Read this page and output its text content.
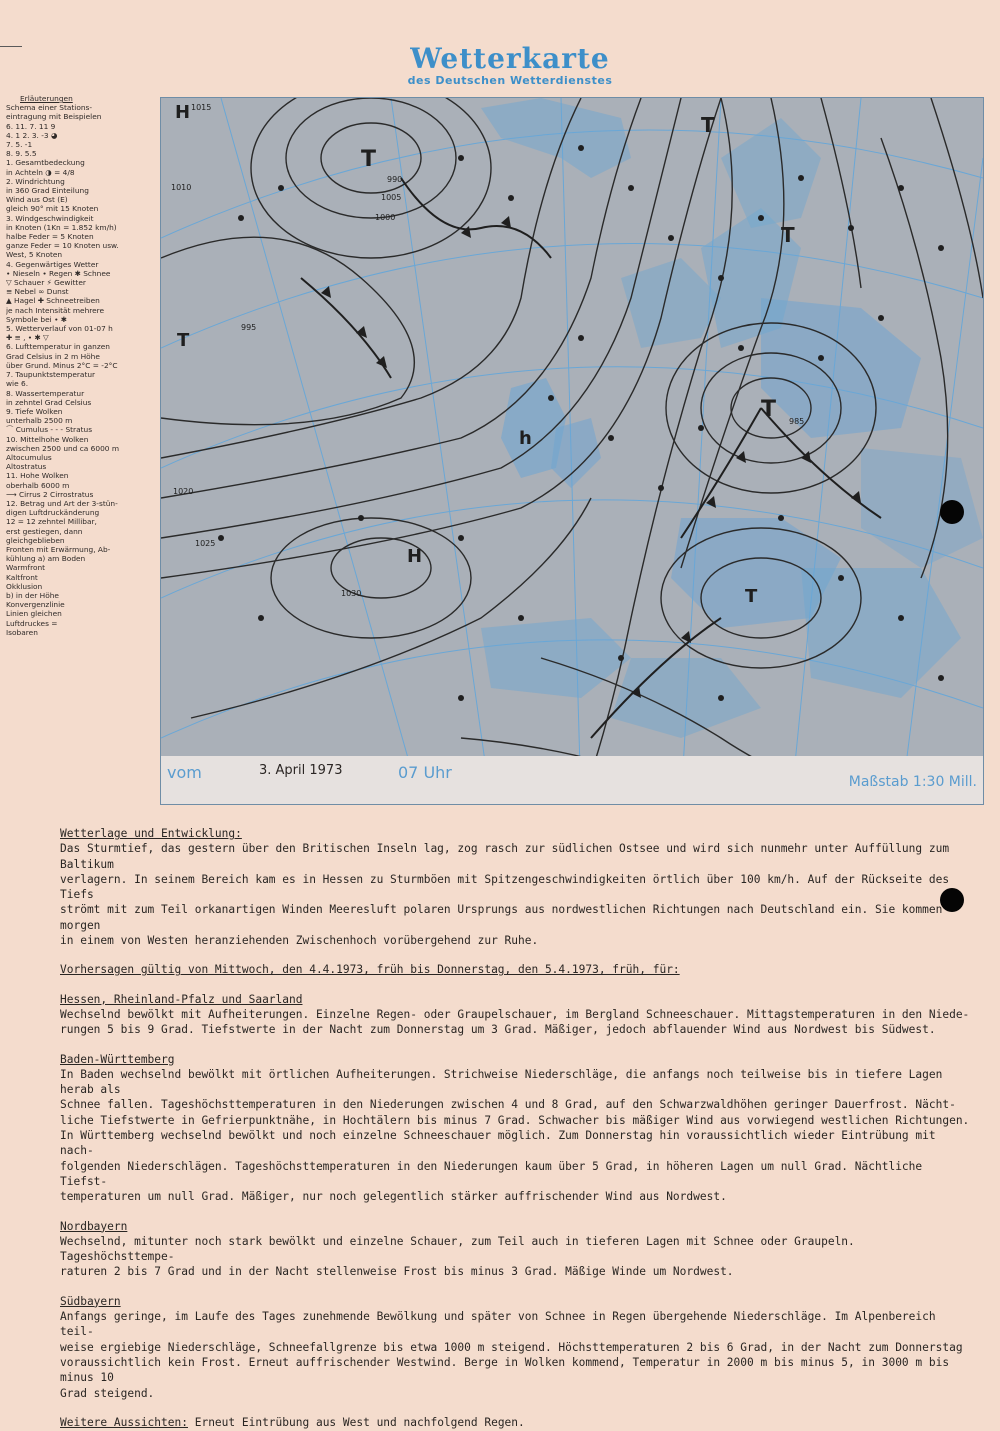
Wetterkarte
des Deutschen Wetterdienstes
Erläuterungen
Schema einer Stations-
eintragung mit Beispielen
6. 11. 7. 11 9
4. 1 2. 3. -3 ◕
7. 5. -1
8. 9. 5.5
1. Gesamtbedeckung
in Achteln ◑ = 4/8
2. Windrichtung
in 360 Grad Einteilung
Wind aus Ost (E)
gleich 90° mit 15 Knoten
3. Windgeschwindigkeit
in Knoten (1Kn = 1.852 km/h)
halbe Feder = 5 Knoten
ganze Feder = 10 Knoten usw.
West, 5 Knoten
4. Gegenwärtiges Wetter
• Nieseln • Regen ✱ Schnee
▽ Schauer ⚡ Gewitter
≡ Nebel ∞ Dunst
▲ Hagel ✚ Schneetreiben
je nach Intensität mehrere
Symbole bei • ✱
5. Wetterverlauf von 01-07 h
✚ ≡ , • ✱ ▽
6. Lufttemperatur in ganzen
Grad Celsius in 2 m Höhe
über Grund. Minus 2°C = -2°C
7. Taupunktstemperatur
wie 6.
8. Wassertemperatur
in zehntel Grad Celsius
9. Tiefe Wolken
unterhalb 2500 m
⌒ Cumulus - - - Stratus
10. Mittelhohe Wolken
zwischen 2500 und ca 6000 m
Altocumulus
Altostratus
11. Hohe Wolken
oberhalb 6000 m
⟶ Cirrus 2 Cirrostratus
12. Betrag und Art der 3-stün-
digen Luftdruckänderung
12 = 12 zehntel Millibar,
erst gestiegen, dann
gleichgeblieben
Fronten mit Erwärmung, Ab-
kühlung a) am Boden
Warmfront
Kaltfront
Okklusion
b) in der Höhe
Konvergenzlinie
Linien gleichen
Luftdruckes =
Isobaren
H
T
T
T
T
H
T
T
h
1015
1010
1005
1000
995
990
985
1020
1025
1030
vom	3. April 1973	07 Uhr	Maßstab 1:30 Mill.
Wetterlage und Entwicklung:

Das Sturmtief, das gestern über den Britischen Inseln lag, zog rasch zur südlichen Ostsee und wird sich nunmehr unter Auffüllung zum Baltikum

verlagern. In seinem Bereich kam es in Hessen zu Sturmböen mit Spitzengeschwindigkeiten örtlich über 100 km/h. Auf der Rückseite des Tiefs

strömt mit zum Teil orkanartigen Winden Meeresluft polaren Ursprungs aus nordwestlichen Richtungen nach Deutschland ein. Sie kommen morgen

in einem von Westen heranziehenden Zwischenhoch vorübergehend zur Ruhe.

Vorhersagen gültig von Mittwoch, den 4.4.1973, früh bis Donnerstag, den 5.4.1973, früh, für:
Hessen, Rheinland-Pfalz und Saarland

Wechselnd bewölkt mit Aufheiterungen. Einzelne Regen- oder Graupelschauer, im Bergland Schneeschauer. Mittagstemperaturen in den Niede-

rungen 5 bis 9 Grad. Tiefstwerte in der Nacht zum Donnerstag um 3 Grad. Mäßiger, jedoch abflauender Wind aus Nordwest bis Südwest.

Baden-Württemberg

In Baden wechselnd bewölkt mit örtlichen Aufheiterungen. Strichweise Niederschläge, die anfangs noch teilweise bis in tiefere Lagen herab als

Schnee fallen. Tageshöchsttemperaturen in den Niederungen zwischen 4 und 8 Grad, auf den Schwarzwaldhöhen geringer Dauerfrost. Nächt-

liche Tiefstwerte in Gefrierpunktnähe, in Hochtälern bis minus 7 Grad. Schwacher bis mäßiger Wind aus vorwiegend westlichen Richtungen.

In Württemberg wechselnd bewölkt und noch einzelne Schneeschauer möglich. Zum Donnerstag hin voraussichtlich wieder Eintrübung mit nach-

folgenden Niederschlägen. Tageshöchsttemperaturen in den Niederungen kaum über 5 Grad, in höheren Lagen um null Grad. Nächtliche Tiefst-

temperaturen um null Grad. Mäßiger, nur noch gelegentlich stärker auffrischender Wind aus Nordwest.

Nordbayern

Wechselnd, mitunter noch stark bewölkt und einzelne Schauer, zum Teil auch in tieferen Lagen mit Schnee oder Graupeln. Tageshöchsttempe-

raturen 2 bis 7 Grad und in der Nacht stellenweise Frost bis minus 3 Grad. Mäßige Winde um Nordwest.

Südbayern

Anfangs geringe, im Laufe des Tages zunehmende Bewölkung und später von Schnee in Regen übergehende Niederschläge. Im Alpenbereich teil-

weise ergiebige Niederschläge, Schneefallgrenze bis etwa 1000 m steigend. Höchsttemperaturen 2 bis 6 Grad, in der Nacht zum Donnerstag

voraussichtlich kein Frost. Erneut auffrischender Westwind. Berge in Wolken kommend, Temperatur in 2000 m bis minus 5, in 3000 m bis minus 10

Grad steigend.

Weitere Aussichten: Erneut Eintrübung aus West und nachfolgend Regen.
